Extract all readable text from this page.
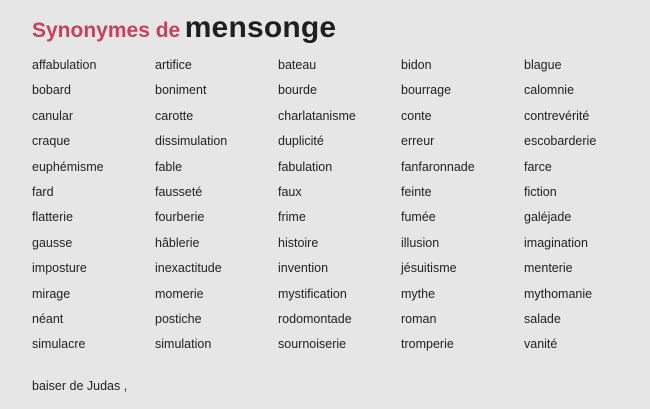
Synonymes de mensonge
affabulation	artifice	bateau	bidon	blague
bobard	boniment	bourde	bourrage	calomnie
canular	carotte	charlatanisme	conte	contrevérité
craque	dissimulation	duplicité	erreur	escobarderie
euphémisme	fable	fabulation	fanfaronnade	farce
fard	fausseté	faux	feinte	fiction
flatterie	fourberie	frime	fumée	galéjade
gausse	hâblerie	histoire	illusion	imagination
imposture	inexactitude	invention	jésuitisme	menterie
mirage	momerie	mystification	mythe	mythomanie
néant	postiche	rodomontade	roman	salade
simulacre	simulation	sournoiserie	tromperie	vanité
baiser de Judas ,
